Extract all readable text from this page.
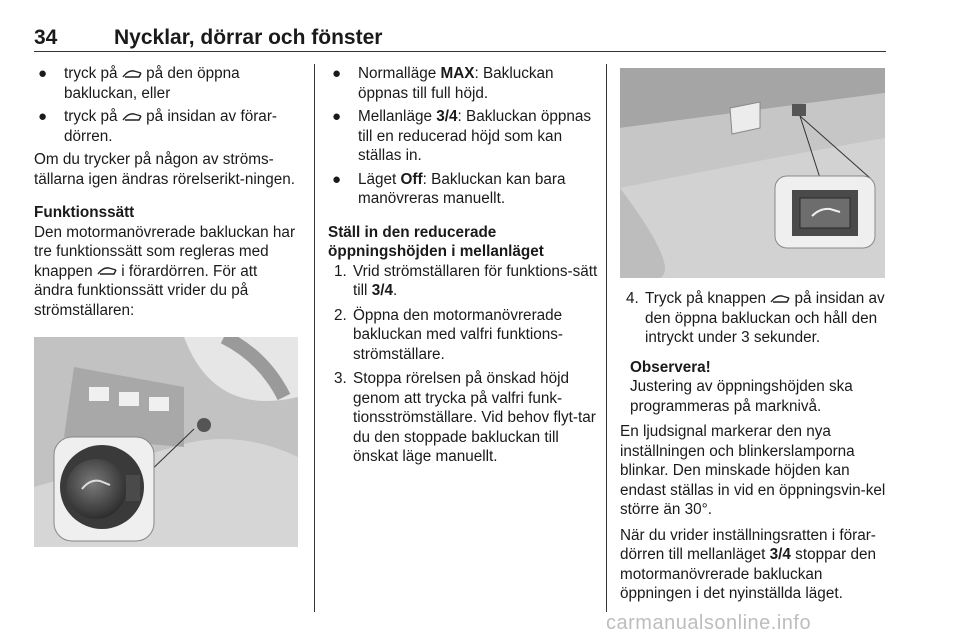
34	Nycklar, dörrar och fönster
● tryck på på den öppna bakluckan, eller
● tryck på på insidan av förar-dörren.

Om du trycker på någon av ströms-tällarna igen ändras rörelserikt-ningen.

Funktionssätt

Den motormanövrerade bakluckan har tre funktionssätt som regleras med knappen i förardörren. För att ändra funktionssätt vrider du på strömställaren:

● Normalläge MAX: Bakluckan öppnas till full höjd.
● Mellanläge 3/4: Bakluckan öppnas till en reducerad höjd som kan ställas in.
● Läget Off: Bakluckan kan bara manövreras manuellt.
Ställ in den reducerade öppningshöjden i mellanläget
1. Vrid strömställaren för funktions-sätt till 3/4.
2. Öppna den motormanövrerade bakluckan med valfri funktions-strömställare.
3. Stoppa rörelsen på önskad höjd genom att trycka på valfri funk-tionsströmställare. Vid behov flyt-tar du den stoppade bakluckan till önskat läge manuellt.
4. Tryck på knappen på insidan av den öppna bakluckan och håll den intryckt under 3 sekunder.
Observera!

Justering av öppningshöjden ska programmeras på marknivå.

En ljudsignal markerar den nya inställningen och blinkerslamporna blinkar. Den minskade höjden kan endast ställas in vid en öppningsvin-kel större än 30°.

När du vrider inställningsratten i förar-dörren till mellanläget 3/4 stoppar den motormanövrerade bakluckan öppningen i det nyinställda läget.

carmanualsonline.info
